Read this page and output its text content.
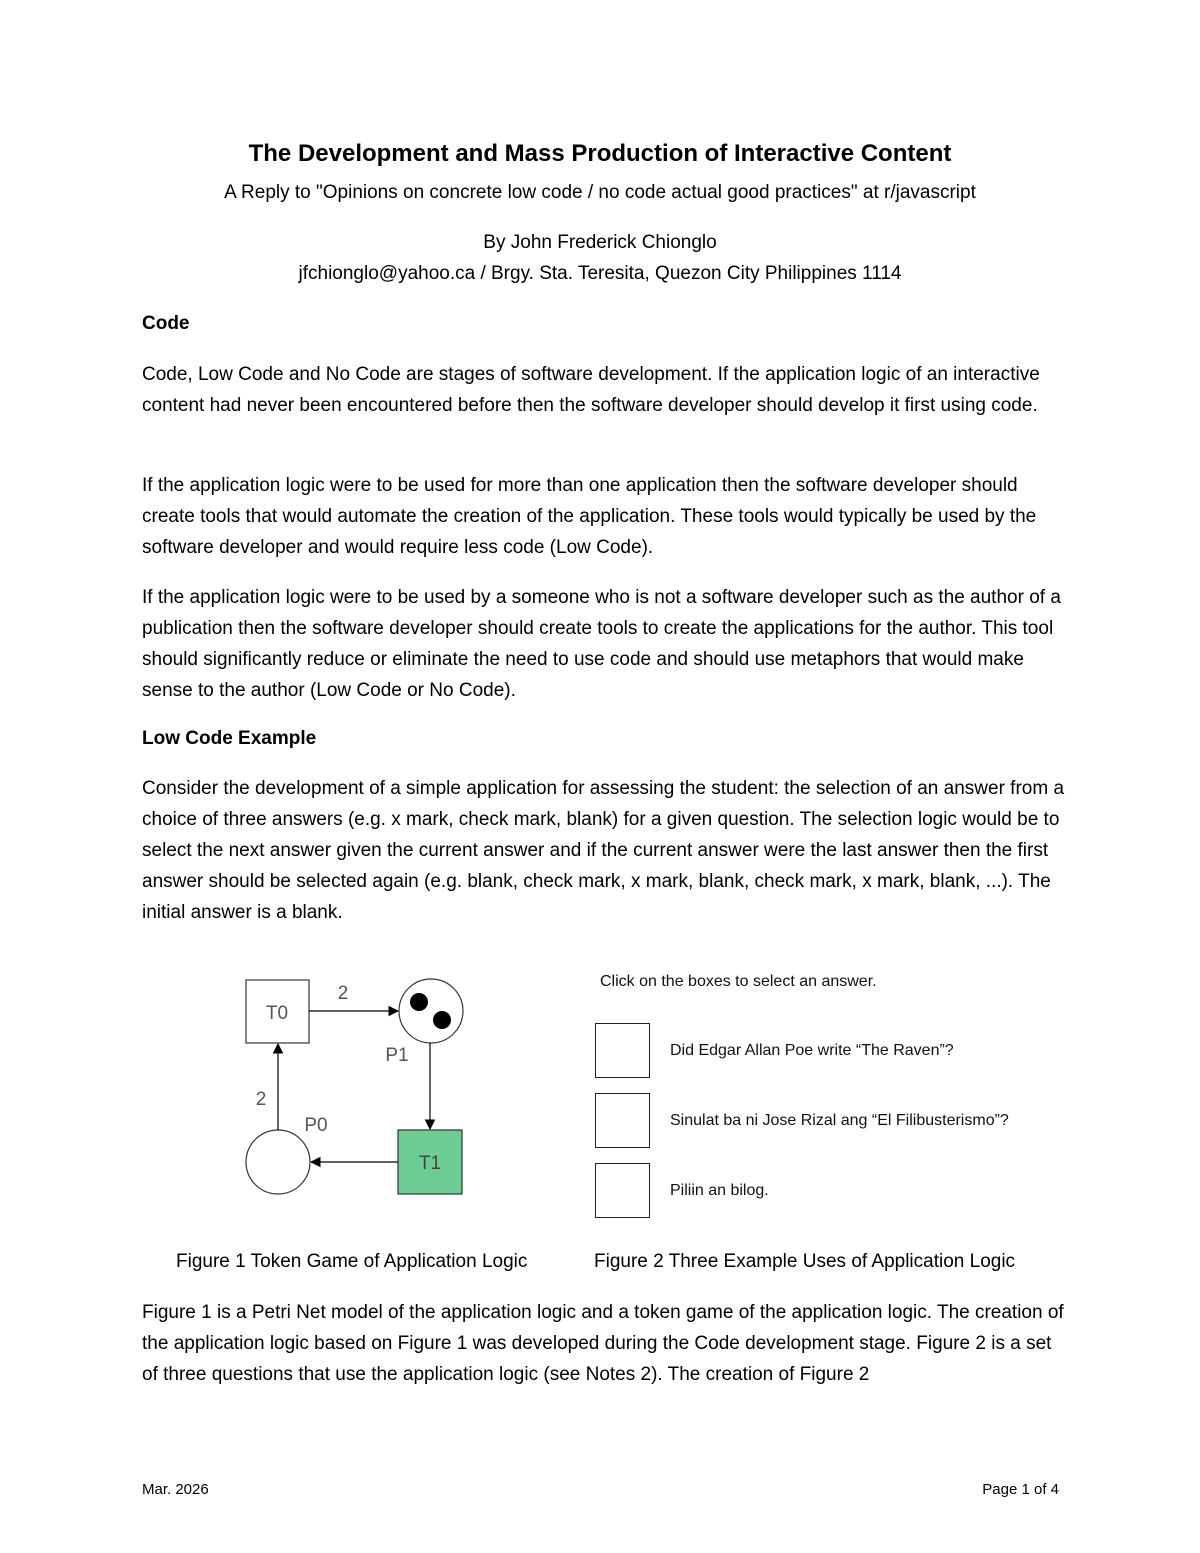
The Development and Mass Production of Interactive Content
A Reply to "Opinions on concrete low code / no code actual good practices" at r/javascript
By John Frederick Chionglo
jfchionglo@yahoo.ca / Brgy. Sta. Teresita, Quezon City Philippines 1114
Code

Code, Low Code and No Code are stages of software development. If the application logic of an interactive content had never been encountered before then the software developer should develop it first using code.

If the application logic were to be used for more than one application then the software developer should create tools that would automate the creation of the application. These tools would typically be used by the software developer and would require less code (Low Code).

If the application logic were to be used by a someone who is not a software developer such as the author of a publication then the software developer should create tools to create the applications for the author. This tool should significantly reduce or eliminate the need to use code and should use metaphors that would make sense to the author (Low Code or No Code).

Low Code Example

Consider the development of a simple application for assessing the student: the selection of an answer from a choice of three answers (e.g. x mark, check mark, blank) for a given question. The selection logic would be to select the next answer given the current answer and if the current answer were the last answer then the first answer should be selected again (e.g. blank, check mark, x mark, blank, check mark, x mark, blank, ...). The initial answer is a blank.

T0
P1
T1
P0
2
2
Click on the boxes to select an answer.
Did Edgar Allan Poe write “The Raven”?
Sinulat ba ni Jose Rizal ang “El Filibusterismo”?
Piliin an bilog.
Figure 1 Token Game of Application Logic	Figure 2 Three Example Uses of Application Logic

Figure 1 is a Petri Net model of the application logic and a token game of the application logic. The creation of the application logic based on Figure 1 was developed during the Code development stage. Figure 2 is a set of three questions that use the application logic (see Notes 2). The creation of Figure 2

Mar. 2026	Page 1 of 4
